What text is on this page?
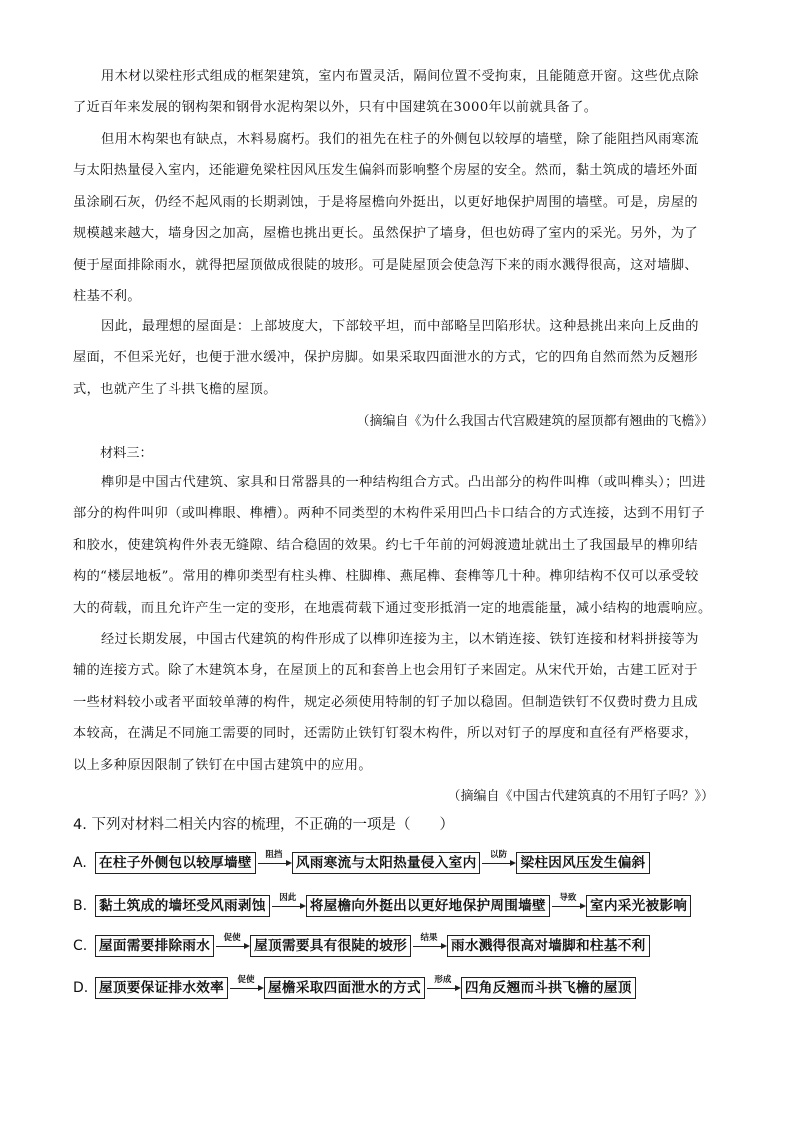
用木材以梁柱形式组成的框架建筑，室内布置灵活，隔间位置不受拘束，且能随意开窗。这些优点除
了近百年来发展的钢构架和钢骨水泥构架以外，只有中国建筑在3000年以前就具备了。
但用木构架也有缺点，木料易腐朽。我们的祖先在柱子的外侧包以较厚的墙壁，除了能阻挡风雨寒流
与太阳热量侵入室内，还能避免梁柱因风压发生偏斜而影响整个房屋的安全。然而，黏土筑成的墙坯外面
虽涂刷石灰，仍经不起风雨的长期剥蚀，于是将屋檐向外挺出，以更好地保护周围的墙壁。可是，房屋的
规模越来越大，墙身因之加高，屋檐也挑出更长。虽然保护了墙身，但也妨碍了室内的采光。另外，为了
便于屋面排除雨水，就得把屋顶做成很陡的坡形。可是陡屋顶会使急泻下来的雨水溅得很高，这对墙脚、
柱基不利。
因此，最理想的屋面是：上部坡度大，下部较平坦，而中部略呈凹陷形状。这种悬挑出来向上反曲的
屋面，不但采光好，也便于泄水缓冲，保护房脚。如果采取四面泄水的方式，它的四角自然而然为反翘形
式，也就产生了斗拱飞檐的屋顶。
（摘编自《为什么我国古代宫殿建筑的屋顶都有翘曲的飞檐》）
材料三：
榫卯是中国古代建筑、家具和日常器具的一种结构组合方式。凸出部分的构件叫榫（或叫榫头）；凹进
部分的构件叫卯（或叫榫眼、榫槽）。两种不同类型的木构件采用凹凸卡口结合的方式连接，达到不用钉子
和胶水，使建筑构件外表无缝隙、结合稳固的效果。约七千年前的河姆渡遗址就出土了我国最早的榫卯结
构的“楼层地板”。常用的榫卯类型有柱头榫、柱脚榫、燕尾榫、套榫等几十种。榫卯结构不仅可以承受较
大的荷载，而且允许产生一定的变形，在地震荷载下通过变形抵消一定的地震能量，减小结构的地震响应。
经过长期发展，中国古代建筑的构件形成了以榫卯连接为主，以木销连接、铁钉连接和材料拼接等为
辅的连接方式。除了木建筑本身，在屋顶上的瓦和套兽上也会用钉子来固定。从宋代开始，古建工匠对于
一些材料较小或者平面较单薄的构件，规定必须使用特制的钉子加以稳固。但制造铁钉不仅费时费力且成
本较高，在满足不同施工需要的同时，还需防止铁钉钉裂木构件，所以对钉子的厚度和直径有严格要求，
以上多种原因限制了铁钉在中国古建筑中的应用。
（摘编自《中国古代建筑真的不用钉子吗？》）
4. 下列对材料二相关内容的梳理，不正确的一项是（　　）
A. 在柱子外侧包以较厚墙壁	阻挡 风雨寒流与太阳热量侵入室内	以防 梁柱因风压发生偏斜
B. 黏土筑成的墙坯受风雨剥蚀	因此 将屋檐向外挺出以更好地保护周围墙壁	导致 室内采光被影响
C. 屋面需要排除雨水	促使 屋顶需要具有很陡的坡形	结果 雨水溅得很高对墙脚和柱基不利
D. 屋顶要保证排水效率	促使 屋檐采取四面泄水的方式	形成 四角反翘而斗拱飞檐的屋顶
